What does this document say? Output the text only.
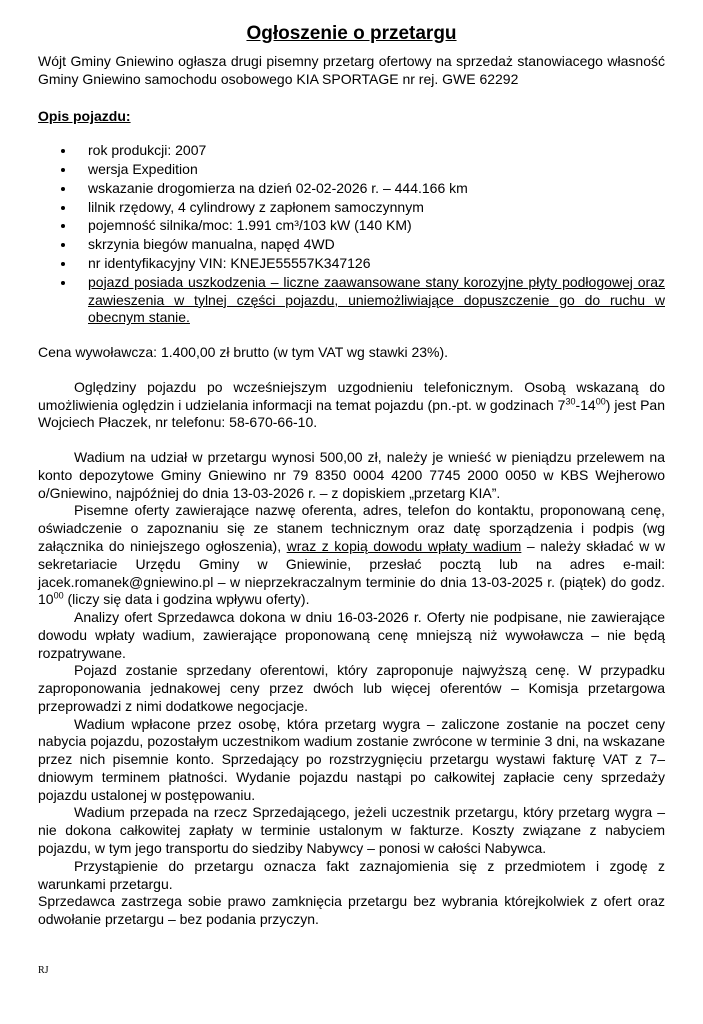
Ogłoszenie o przetargu

Wójt Gminy Gniewino ogłasza drugi pisemny przetarg ofertowy na sprzedaż stanowiacego własność Gminy Gniewino samochodu osobowego KIA SPORTAGE nr rej. GWE 62292

Opis pojazdu:
• rok produkcji: 2007
• wersja Expedition
• wskazanie drogomierza na dzień 02-02-2026 r. – 444.166 km
• lilnik rzędowy, 4 cylindrowy z zapłonem samoczynnym
• pojemność silnika/moc: 1.991 cm³/103 kW (140 KM)
• skrzynia biegów manualna, napęd 4WD
• nr identyfikacyjny VIN: KNEJE55557K347126
• pojazd posiada uszkodzenia – liczne zaawansowane stany korozyjne płyty podłogowej oraz zawieszenia w tylnej części pojazdu, uniemożliwiające dopuszczenie go do ruchu w obecnym stanie.

Cena wywoławcza: 1.400,00 zł brutto (w tym VAT wg stawki 23%).

Oględziny pojazdu po wcześniejszym uzgodnieniu telefonicznym. Osobą wskazaną do umożliwienia oględzin i udzielania informacji na temat pojazdu (pn.-pt. w godzinach $7^{30}-14^{00}$) jest Pan Wojciech Płaczek, nr telefonu: 58-670-66-10.

Wadium na udział w przetargu wynosi 500,00 zł, należy je wnieść w pieniądzu przelewem na konto depozytowe Gminy Gniewino nr 79 8350 0004 4200 7745 2000 0050 w KBS Wejherowo o/Gniewino, najpóźniej do dnia 13-03-2026 r. – z dopiskiem „przetarg KIA”.

Pisemne oferty zawierające nazwę oferenta, adres, telefon do kontaktu, proponowaną cenę, oświadczenie o zapoznaniu się ze stanem technicznym oraz datę sporządzenia i podpis (wg załącznika do niniejszego ogłoszenia), wraz z kopią dowodu wpłaty wadium – należy składać w w sekretariacie Urzędu Gminy w Gniewinie, przesłać pocztą lub na adres e-mail: jacek.romanek@gniewino.pl – w nieprzekraczalnym terminie do dnia 13-03-2025 r. (piątek) do godz. $10^{00}$ (liczy się data i godzina wpływu oferty).

Analizy ofert Sprzedawca dokona w dniu 16-03-2026 r. Oferty nie podpisane, nie zawierające dowodu wpłaty wadium, zawierające proponowaną cenę mniejszą niż wywoławcza – nie będą rozpatrywane.

Pojazd zostanie sprzedany oferentowi, który zaproponuje najwyższą cenę. W przypadku zaproponowania jednakowej ceny przez dwóch lub więcej oferentów – Komisja przetargowa przeprowadzi z nimi dodatkowe negocjacje.

Wadium wpłacone przez osobę, która przetarg wygra – zaliczone zostanie na poczet ceny nabycia pojazdu, pozostałym uczestnikom wadium zostanie zwrócone w terminie 3 dni, na wskazane przez nich pisemnie konto. Sprzedający po rozstrzygnięciu przetargu wystawi fakturę VAT z 7–dniowym terminem płatności. Wydanie pojazdu nastąpi po całkowitej zapłacie ceny sprzedaży pojazdu ustalonej w postępowaniu.

Wadium przepada na rzecz Sprzedającego, jeżeli uczestnik przetargu, który przetarg wygra – nie dokona całkowitej zapłaty w terminie ustalonym w fakturze. Koszty związane z nabyciem pojazdu, w tym jego transportu do siedziby Nabywcy – ponosi w całości Nabywca.

Przystąpienie do przetargu oznacza fakt zaznajomienia się z przedmiotem i zgodę z warunkami przetargu.

Sprzedawca zastrzega sobie prawo zamknięcia przetargu bez wybrania którejkolwiek z ofert oraz odwołanie przetargu – bez podania przyczyn.

RJ
